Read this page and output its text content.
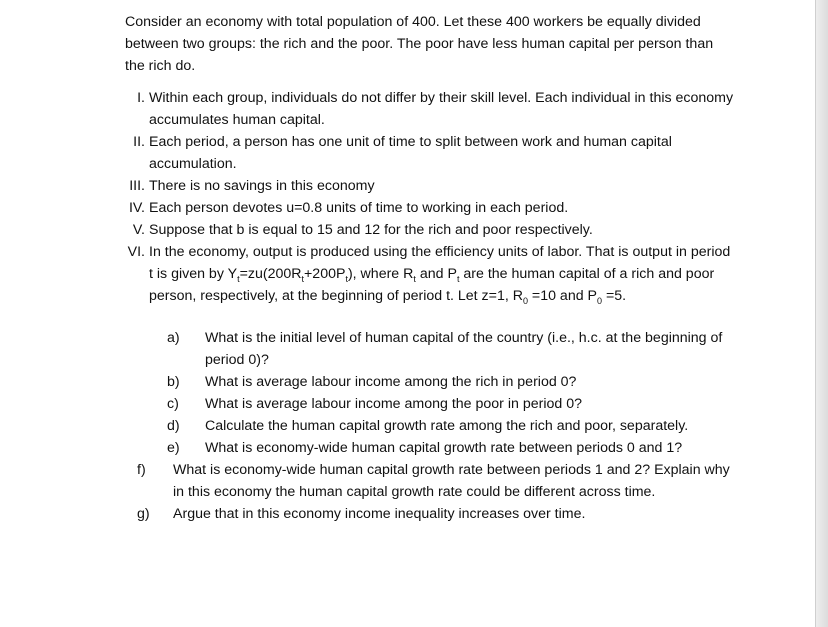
Consider an economy with total population of 400. Let these 400 workers be equally divided between two groups: the rich and the poor. The poor have less human capital per person than the rich do.

I. Within each group, individuals do not differ by their skill level. Each individual in this economy accumulates human capital.
II. Each period, a person has one unit of time to split between work and human capital accumulation.
III. There is no savings in this economy
IV. Each person devotes u=0.8 units of time to working in each period.
V. Suppose that b is equal to 15 and 12 for the rich and poor respectively.
VI. In the economy, output is produced using the efficiency units of labor. That is output in period t is given by $Y_t=zu(200R_t+200P_t)$, where $R_t$ and $P_t$ are the human capital of a rich and poor person, respectively, at the beginning of period t. Let z=1, $R_0 =10$ and $P_0 =5$.
a)	What is the initial level of human capital of the country (i.e., h.c. at the beginning of period 0)?
b)	What is average labour income among the rich in period 0?
c)	What is average labour income among the poor in period 0?
d)	Calculate the human capital growth rate among the rich and poor, separately.
e)	What is economy-wide human capital growth rate between periods 0 and 1?
f)	What is economy-wide human capital growth rate between periods 1 and 2? Explain why in this economy the human capital growth rate could be different across time.
g)	Argue that in this economy income inequality increases over time.
